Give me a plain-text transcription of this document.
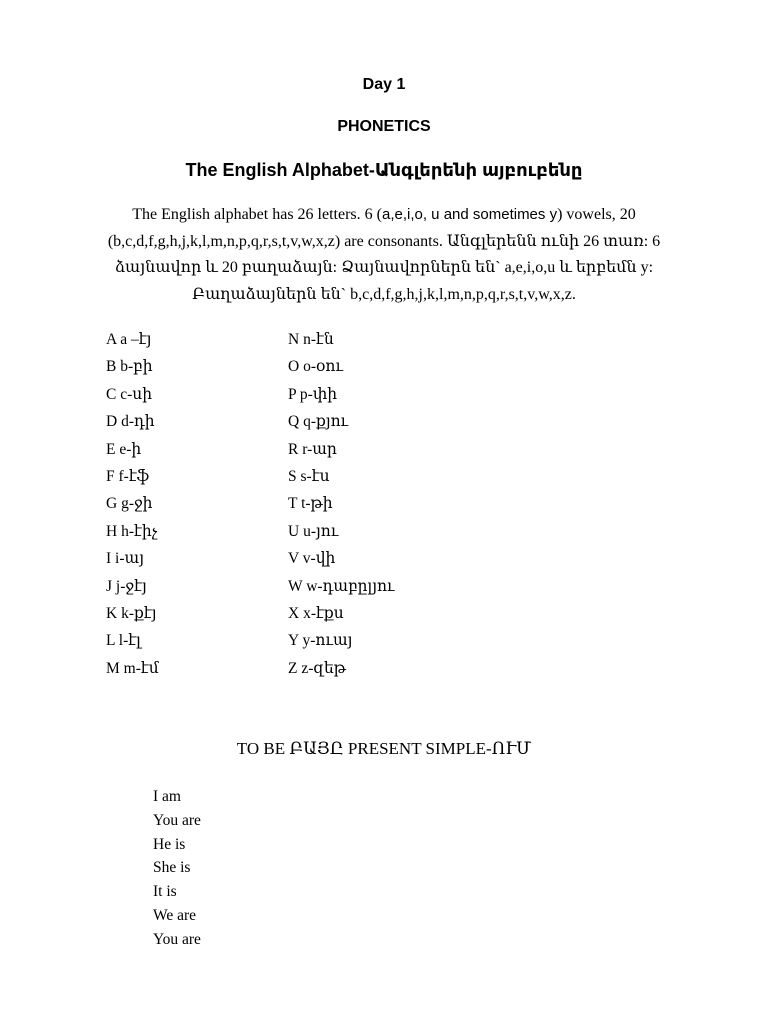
Day 1
PHONETICS
The English Alphabet-Անգլերենի այբուբենը
The English alphabet has 26 letters. 6 (a,e,i,o, u and sometimes y) vowels, 20 (b,c,d,f,g,h,j,k,l,m,n,p,q,r,s,t,v,w,x,z) are consonants. Անգլերենն ունի 26 տառ: 6 ձայնավոր և 20 բաղաձայն: Ձայնավորներն են` a,e,i,o,u և երբեմն y: Բաղաձայներն են` b,c,d,f,g,h,j,k,l,m,n,p,q,r,s,t,v,w,x,z.
A a –էյ
B b-բի
C c-սի
D d-դի
E e-ի
F f-էֆ
G g-ջի
H h-էիչ
I i-այ
J j-ջէյ
K k-քէյ
L l-էլ
M m-էմ
N n-էն
O o-օու
P p-փի
Q q-քյու
R r-ար
S s-էս
T t-թի
U u-յու
V v-վի
W w-դաբըլյու
X x-էքս
Y y-ուայ
Z z-զեթ
TO BE ԲԱՅԸ PRESENT SIMPLE-ՈՒՄ
I am
You are
He is
She is
It is
We are
You are
